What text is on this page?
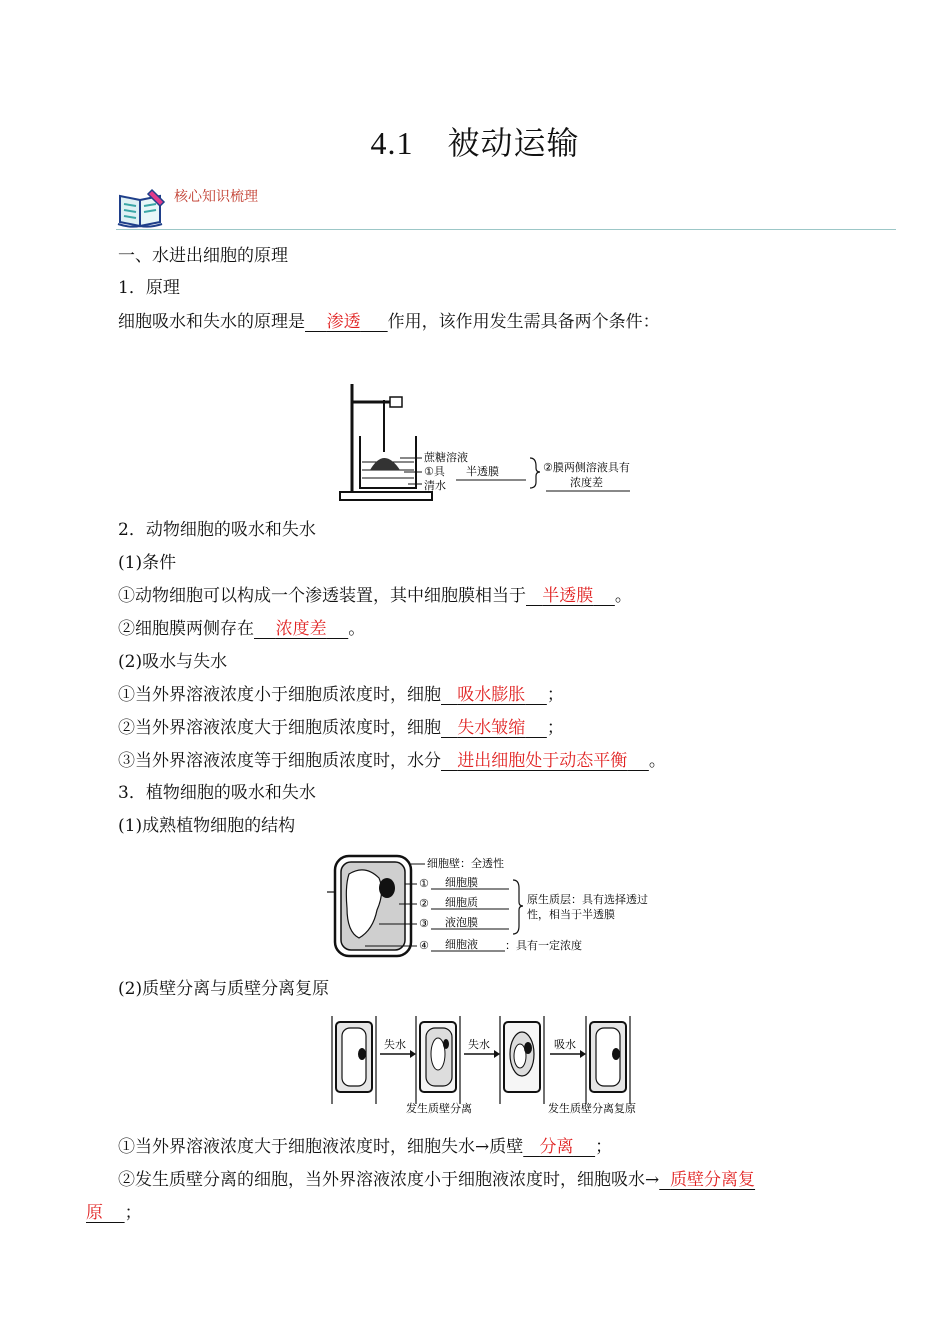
4.1 被动运输
核心知识梳理
一、水进出细胞的原理
1．原理
细胞吸水和失水的原理是 渗透 作用，该作用发生需具备两个条件：
蔗糖溶液
①具 半透膜
清水
②膜两侧溶液具有
浓度差
2．动物细胞的吸水和失水
(1)条件
①动物细胞可以构成一个渗透装置，其中细胞膜相当于 半透膜 。
②细胞膜两侧存在 浓度差 。
(2)吸水与失水
①当外界溶液浓度小于细胞质浓度时，细胞 吸水膨胀 ；
②当外界溶液浓度大于细胞质浓度时，细胞 失水皱缩 ；
③当外界溶液浓度等于细胞质浓度时，水分 进出细胞处于动态平衡 。
3．植物细胞的吸水和失水
(1)成熟植物细胞的结构
细胞壁：全透性
① 细胞膜
② 细胞质
③ 液泡膜
④ 细胞液 ：具有一定浓度
原生质层：具有选择透过
性，相当于半透膜
(2)质壁分离与质壁分离复原
失水	失水	吸水
发生质壁分离	发生质壁分离复原
①当外界溶液浓度大于细胞液浓度时，细胞失水→质壁 分离 ；
②发生质壁分离的细胞，当外界溶液浓度小于细胞液浓度时，细胞吸水→ 质壁分离复
原 ；
